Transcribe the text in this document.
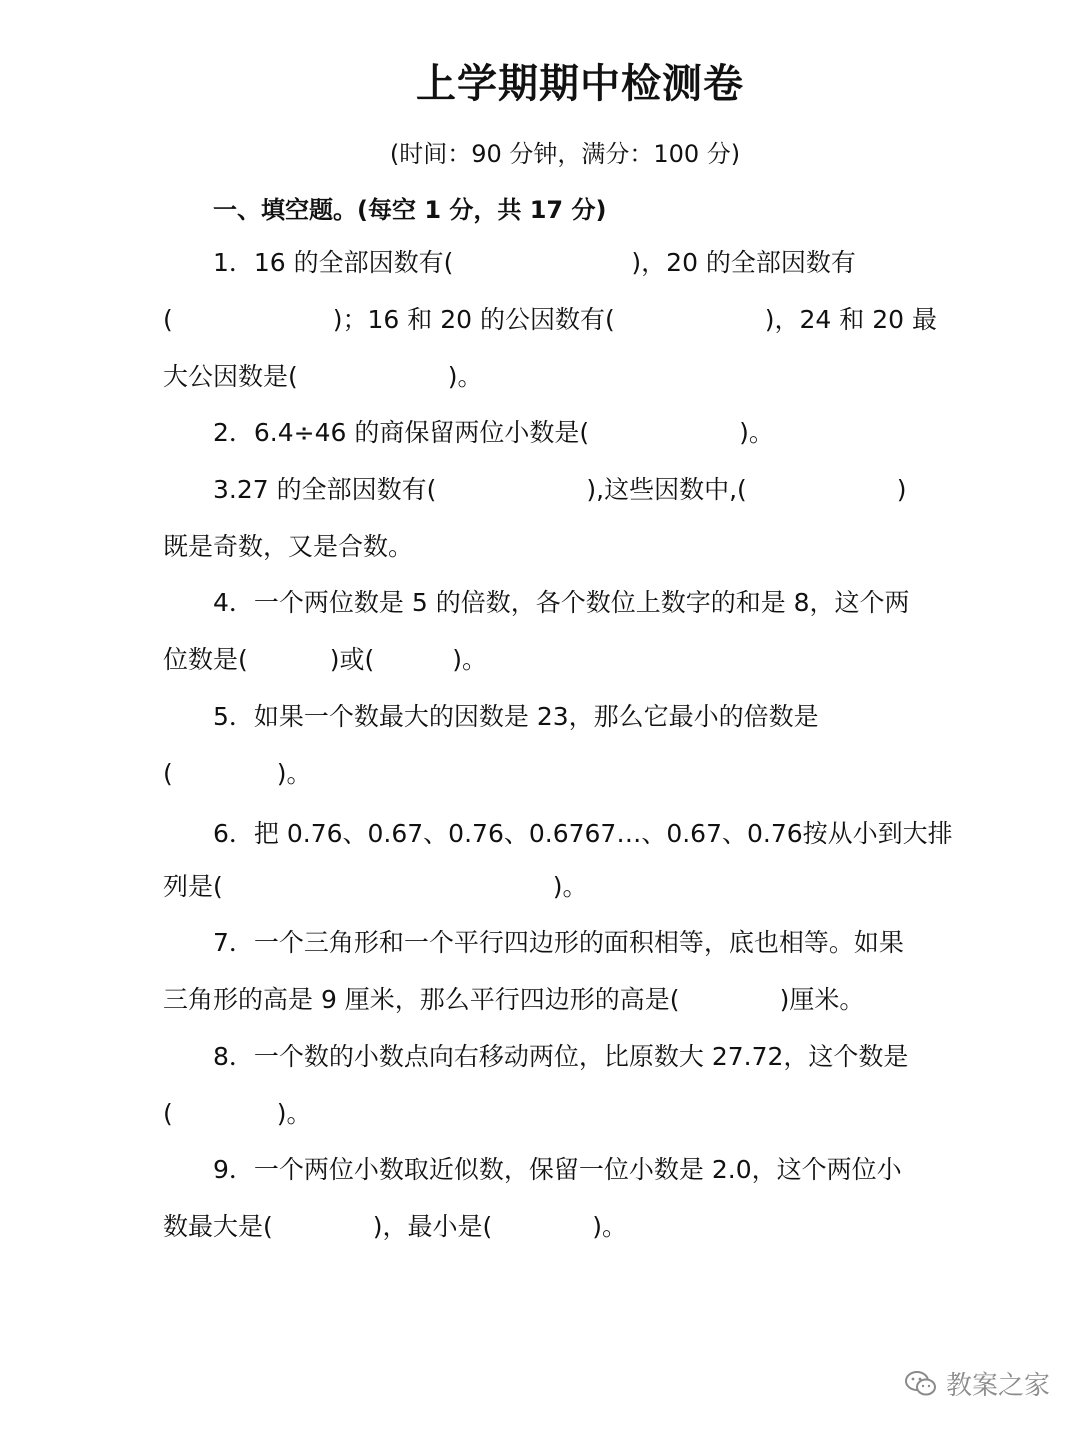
上学期期中检测卷
(时间：90 分钟，满分：100 分)
一、填空题。(每空 1 分，共 17 分)
1．16 的全部因数有(	)，20 的全部因数有
(	)；16 和 20 的公因数有(	)，24 和 20 最
大公因数是(	)。
2．6.4÷46 的商保留两位小数是(	)。
3.27 的全部因数有(	),这些因数中,(	)
既是奇数，又是合数。
4．一个两位数是 5 的倍数，各个数位上数字的和是 8，这个两
位数是(	)或(	)。
5．如果一个数最大的因数是 23，那么它最小的倍数是
(	)。
6．把 0.76、0.67、0.76、0.6767…、0.67、0.76按从小到大排
列是(	)。
7．一个三角形和一个平行四边形的面积相等，底也相等。如果
三角形的高是 9 厘米，那么平行四边形的高是(	)厘米。
8．一个数的小数点向右移动两位，比原数大 27.72，这个数是
(	)。
9．一个两位小数取近似数，保留一位小数是 2.0，这个两位小
数最大是(	)，最小是(	)。
教案之家
